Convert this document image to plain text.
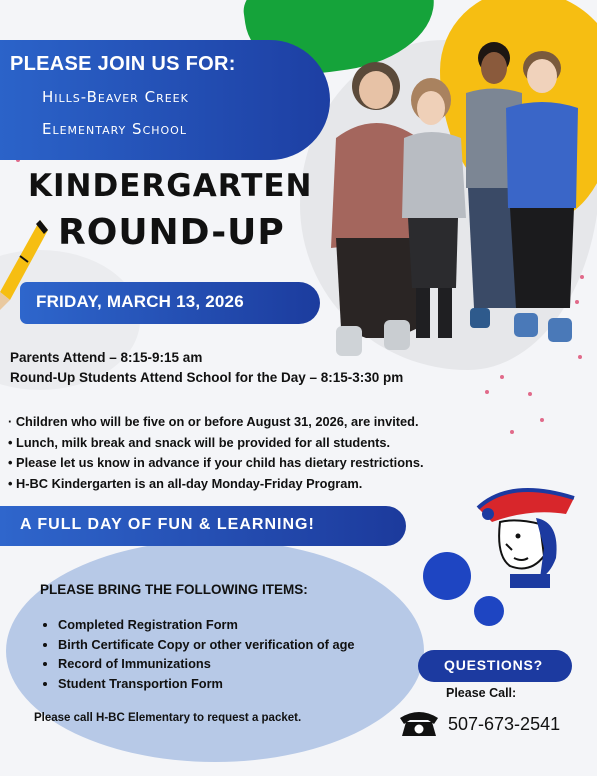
PLEASE JOIN US FOR:
Hills-Beaver Creek
Elementary School
KINDERGARTEN
ROUND-UP
FRIDAY, MARCH 13, 2026
Parents Attend – 8:15-9:15 am
Round-Up Students Attend School for the Day – 8:15-3:30 pm
· Children who will be five on or before August 31, 2026, are invited.
• Lunch, milk break and snack will be provided for all students.
• Please let us know in advance if your child has dietary restrictions.
• H-BC Kindergarten is an all-day Monday-Friday Program.
A FULL DAY OF FUN & LEARNING!
PLEASE BRING THE FOLLOWING ITEMS:
• Completed Registration Form
• Birth Certificate Copy or other verification of age
• Record of Immunizations
• Student Transportion Form
Please call H-BC Elementary to request a packet.
QUESTIONS?
Please Call:
507-673-2541
